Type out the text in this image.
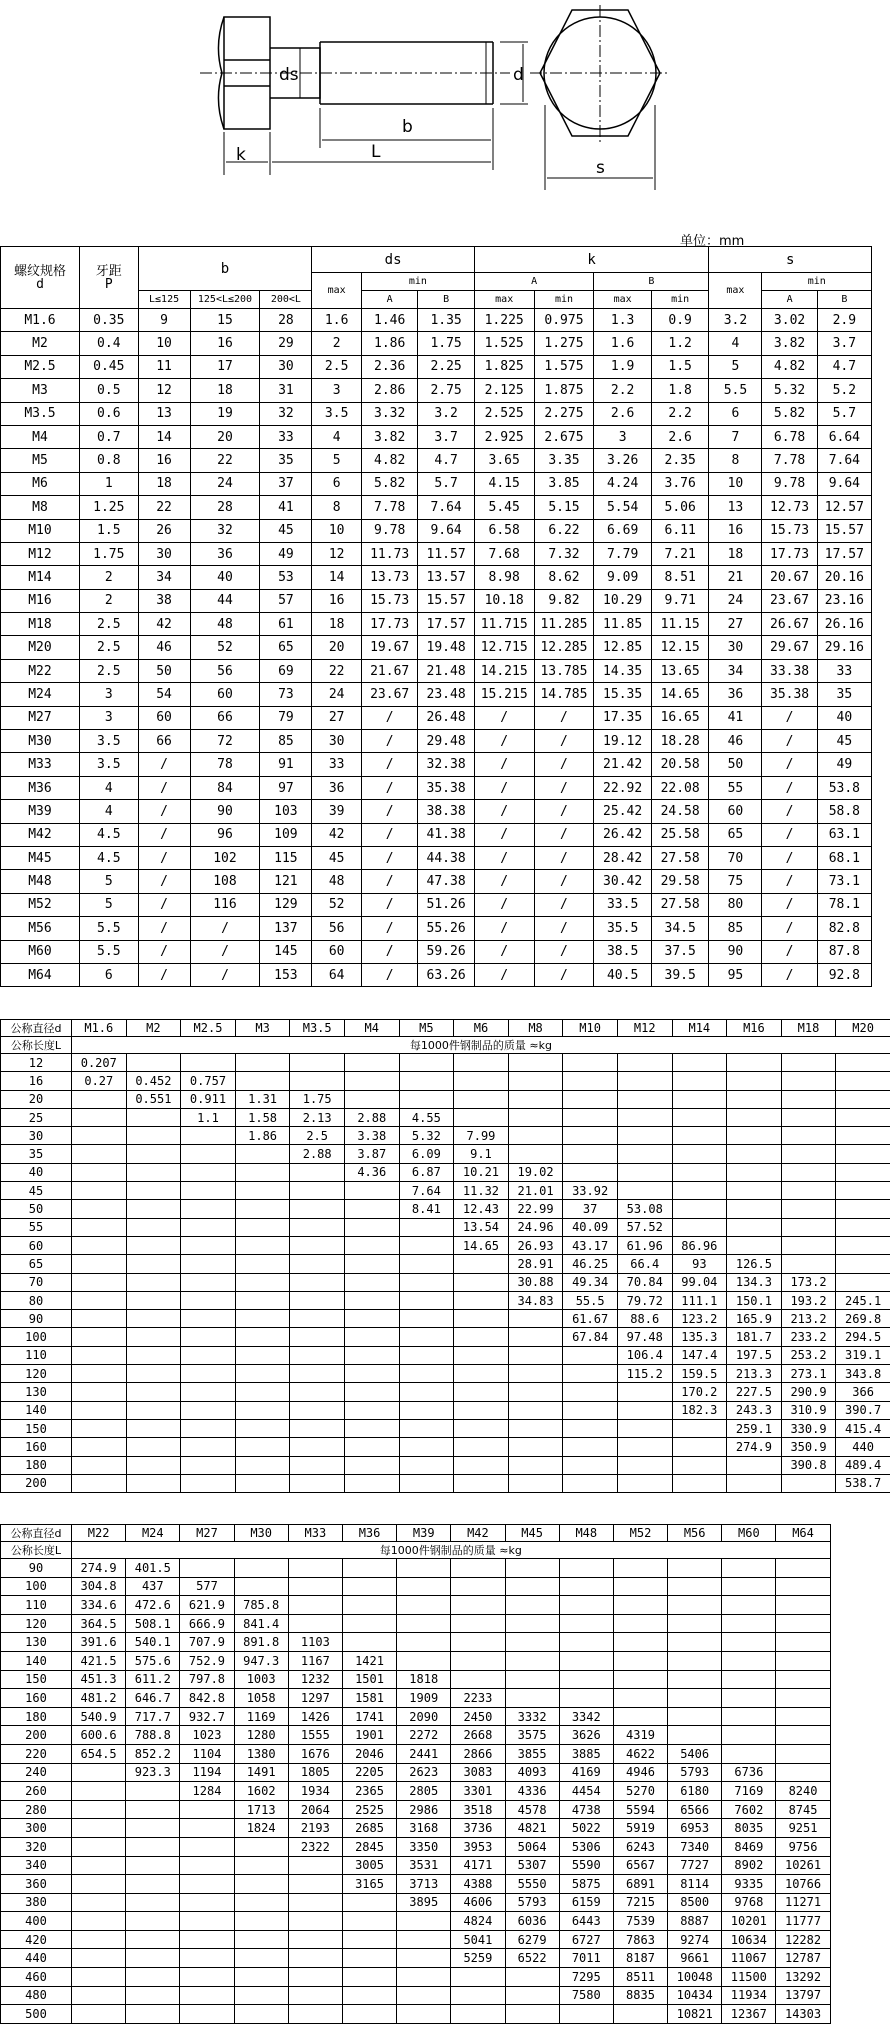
ds
b
L
k
d
s
单位：mm
螺纹规格
d	牙距
P	b			ds			k				s		
					max	min		A		B		max	min	
		L≤125	125<L≤200	200<L		A	B	max	min	max	min		A	B
M1.6	0.35	9	15	28	1.6	1.46	1.35	1.225	0.975	1.3	0.9	3.2	3.02	2.9
M2	0.4	10	16	29	2	1.86	1.75	1.525	1.275	1.6	1.2	4	3.82	3.7
M2.5	0.45	11	17	30	2.5	2.36	2.25	1.825	1.575	1.9	1.5	5	4.82	4.7
M3	0.5	12	18	31	3	2.86	2.75	2.125	1.875	2.2	1.8	5.5	5.32	5.2
M3.5	0.6	13	19	32	3.5	3.32	3.2	2.525	2.275	2.6	2.2	6	5.82	5.7
M4	0.7	14	20	33	4	3.82	3.7	2.925	2.675	3	2.6	7	6.78	6.64
M5	0.8	16	22	35	5	4.82	4.7	3.65	3.35	3.26	2.35	8	7.78	7.64
M6	1	18	24	37	6	5.82	5.7	4.15	3.85	4.24	3.76	10	9.78	9.64
M8	1.25	22	28	41	8	7.78	7.64	5.45	5.15	5.54	5.06	13	12.73	12.57
M10	1.5	26	32	45	10	9.78	9.64	6.58	6.22	6.69	6.11	16	15.73	15.57
M12	1.75	30	36	49	12	11.73	11.57	7.68	7.32	7.79	7.21	18	17.73	17.57
M14	2	34	40	53	14	13.73	13.57	8.98	8.62	9.09	8.51	21	20.67	20.16
M16	2	38	44	57	16	15.73	15.57	10.18	9.82	10.29	9.71	24	23.67	23.16
M18	2.5	42	48	61	18	17.73	17.57	11.715	11.285	11.85	11.15	27	26.67	26.16
M20	2.5	46	52	65	20	19.67	19.48	12.715	12.285	12.85	12.15	30	29.67	29.16
M22	2.5	50	56	69	22	21.67	21.48	14.215	13.785	14.35	13.65	34	33.38	33
M24	3	54	60	73	24	23.67	23.48	15.215	14.785	15.35	14.65	36	35.38	35
M27	3	60	66	79	27	/	26.48	/	/	17.35	16.65	41	/	40
M30	3.5	66	72	85	30	/	29.48	/	/	19.12	18.28	46	/	45
M33	3.5	/	78	91	33	/	32.38	/	/	21.42	20.58	50	/	49
M36	4	/	84	97	36	/	35.38	/	/	22.92	22.08	55	/	53.8
M39	4	/	90	103	39	/	38.38	/	/	25.42	24.58	60	/	58.8
M42	4.5	/	96	109	42	/	41.38	/	/	26.42	25.58	65	/	63.1
M45	4.5	/	102	115	45	/	44.38	/	/	28.42	27.58	70	/	68.1
M48	5	/	108	121	48	/	47.38	/	/	30.42	29.58	75	/	73.1
M52	5	/	116	129	52	/	51.26	/	/	33.5	27.58	80	/	78.1
M56	5.5	/	/	137	56	/	55.26	/	/	35.5	34.5	85	/	82.8
M60	5.5	/	/	145	60	/	59.26	/	/	38.5	37.5	90	/	87.8
M64	6	/	/	153	64	/	63.26	/	/	40.5	39.5	95	/	92.8
公称直径d	M1.6	M2	M2.5	M3	M3.5	M4	M5	M6	M8	M10	M12	M14	M16	M18	M20
公称长度L	每1000件钢制品的质量 ≈kg														
12	0.207														
16	0.27	0.452	0.757												
20		0.551	0.911	1.31	1.75										
25			1.1	1.58	2.13	2.88	4.55								
30				1.86	2.5	3.38	5.32	7.99							
35					2.88	3.87	6.09	9.1							
40						4.36	6.87	10.21	19.02						
45							7.64	11.32	21.01	33.92					
50							8.41	12.43	22.99	37	53.08				
55								13.54	24.96	40.09	57.52				
60								14.65	26.93	43.17	61.96	86.96			
65									28.91	46.25	66.4	93	126.5		
70									30.88	49.34	70.84	99.04	134.3	173.2	
80									34.83	55.5	79.72	111.1	150.1	193.2	245.1
90										61.67	88.6	123.2	165.9	213.2	269.8
100										67.84	97.48	135.3	181.7	233.2	294.5
110											106.4	147.4	197.5	253.2	319.1
120											115.2	159.5	213.3	273.1	343.8
130												170.2	227.5	290.9	366
140												182.3	243.3	310.9	390.7
150													259.1	330.9	415.4
160													274.9	350.9	440
180														390.8	489.4
200															538.7
公称直径d	M22	M24	M27	M30	M33	M36	M39	M42	M45	M48	M52	M56	M60	M64
公称长度L	每1000件钢制品的质量 ≈kg													
90	274.9	401.5												
100	304.8	437	577											
110	334.6	472.6	621.9	785.8										
120	364.5	508.1	666.9	841.4										
130	391.6	540.1	707.9	891.8	1103									
140	421.5	575.6	752.9	947.3	1167	1421								
150	451.3	611.2	797.8	1003	1232	1501	1818							
160	481.2	646.7	842.8	1058	1297	1581	1909	2233						
180	540.9	717.7	932.7	1169	1426	1741	2090	2450	3332	3342				
200	600.6	788.8	1023	1280	1555	1901	2272	2668	3575	3626	4319			
220	654.5	852.2	1104	1380	1676	2046	2441	2866	3855	3885	4622	5406		
240		923.3	1194	1491	1805	2205	2623	3083	4093	4169	4946	5793	6736	
260			1284	1602	1934	2365	2805	3301	4336	4454	5270	6180	7169	8240
280				1713	2064	2525	2986	3518	4578	4738	5594	6566	7602	8745
300				1824	2193	2685	3168	3736	4821	5022	5919	6953	8035	9251
320					2322	2845	3350	3953	5064	5306	6243	7340	8469	9756
340						3005	3531	4171	5307	5590	6567	7727	8902	10261
360						3165	3713	4388	5550	5875	6891	8114	9335	10766
380							3895	4606	5793	6159	7215	8500	9768	11271
400								4824	6036	6443	7539	8887	10201	11777
420								5041	6279	6727	7863	9274	10634	12282
440								5259	6522	7011	8187	9661	11067	12787
460										7295	8511	10048	11500	13292
480										7580	8835	10434	11934	13797
500												10821	12367	14303
